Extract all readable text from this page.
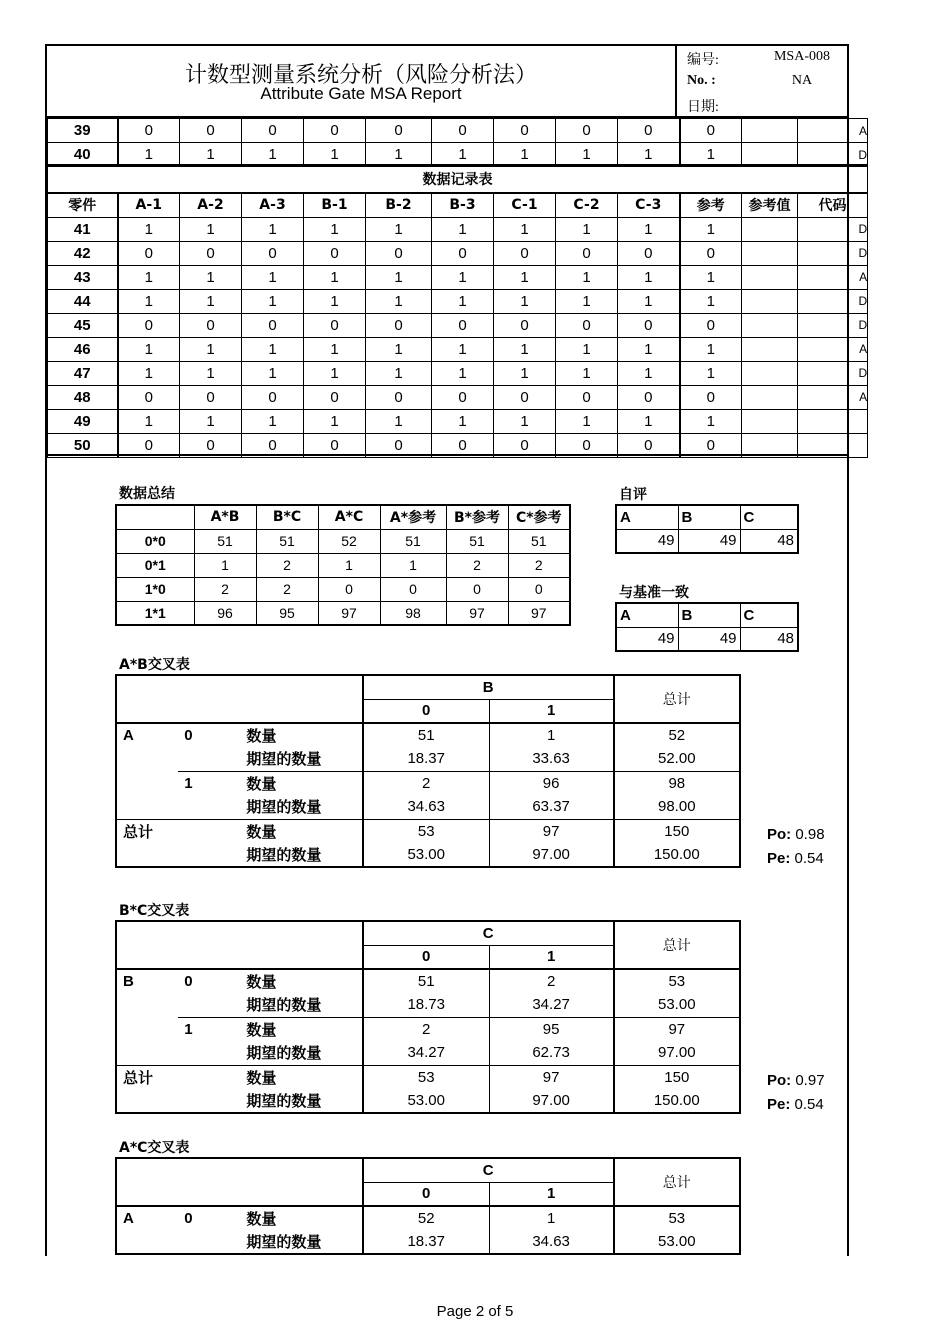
计数型测量系统分析（风险分析法）
Attribute Gate MSA Report
编号:	MSA-008
No. :	NA
日期:
39	0	0	0	0	0	0	0	0	0	0		A
40	1	1	1	1	1	1	1	1	1	1		D
数据记录表												
零件	A-1	A-2	A-3	B-1	B-2	B-3	C-1	C-2	C-3	参考	参考值	代码
41	1	1	1	1	1	1	1	1	1	1		D
42	0	0	0	0	0	0	0	0	0	0		D
43	1	1	1	1	1	1	1	1	1	1		A
44	1	1	1	1	1	1	1	1	1	1		D
45	0	0	0	0	0	0	0	0	0	0		D
46	1	1	1	1	1	1	1	1	1	1		A
47	1	1	1	1	1	1	1	1	1	1		D
48	0	0	0	0	0	0	0	0	0	0		A
49	1	1	1	1	1	1	1	1	1	1		
50	0	0	0	0	0	0	0	0	0	0		
数据总结
	A*B	B*C	A*C	A*参考	B*参考	C*参考
0*0	51	51	52	51	51	51
0*1	1	2	1	1	2	2
1*0	2	2	0	0	0	0
1*1	96	95	97	98	97	97
自评
A	B	C
49	49	48
与基准一致
A	B	C
49	49	48
A*B交叉表
			B		总计
			0	1	
A	0	数量	51	1	52
		期望的数量	18.37	33.63	52.00
	1	数量	2	96	98
		期望的数量	34.63	63.37	98.00
总计		数量	53	97	150
		期望的数量	53.00	97.00	150.00
Po: 0.98
Pe: 0.54
B*C交叉表
			C		总计
			0	1	
B	0	数量	51	2	53
		期望的数量	18.73	34.27	53.00
	1	数量	2	95	97
		期望的数量	34.27	62.73	97.00
总计		数量	53	97	150
		期望的数量	53.00	97.00	150.00
Po: 0.97
Pe: 0.54
A*C交叉表
			C		总计
			0	1	
A	0	数量	52	1	53
		期望的数量	18.37	34.63	53.00
Page 2 of 5
